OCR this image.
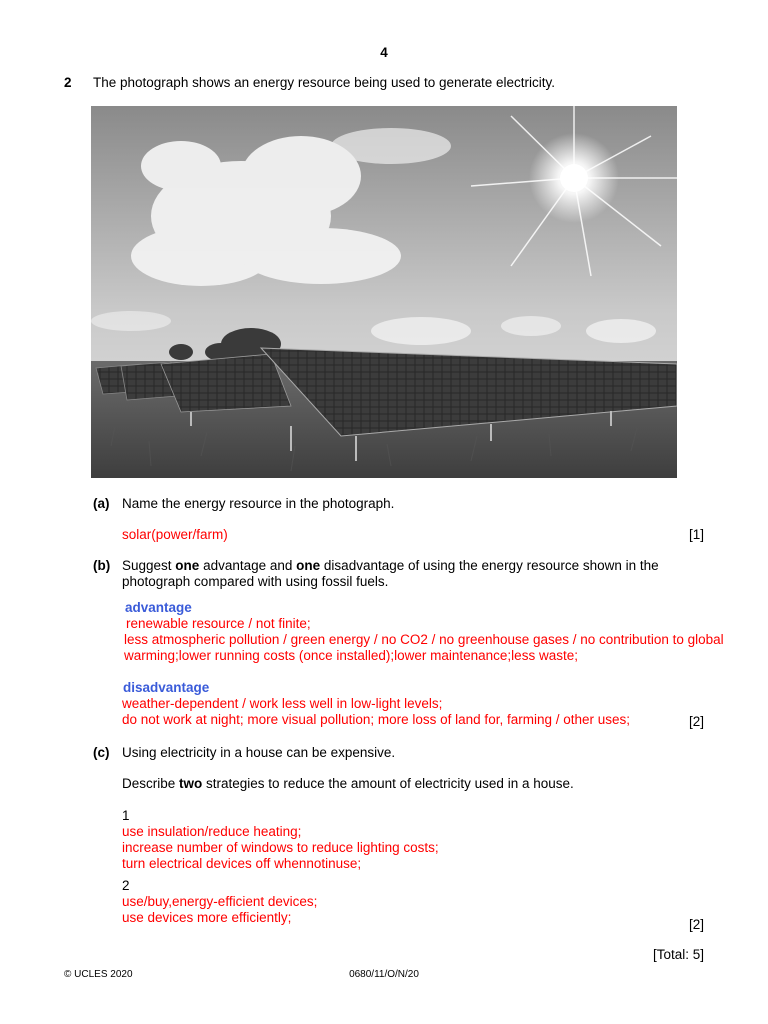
4
2 The photograph shows an energy resource being used to generate electricity.
(a) Name the energy resource in the photograph.
solar(power/farm)	[1]
(b) Suggest one advantage and one disadvantage of using the energy resource shown in the
photograph compared with using fossil fuels.
advantage
renewable resource / not finite;
less atmospheric pollution / green energy / no CO2 / no greenhouse gases / no contribution to global
warming;lower running costs (once installed);lower maintenance;less waste;
disadvantage
weather-dependent / work less well in low-light levels;
do not work at night; more visual pollution; more loss of land for, farming / other uses;	[2]
(c) Using electricity in a house can be expensive.
Describe two strategies to reduce the amount of electricity used in a house.
1
use insulation/reduce heating;
increase number of windows to reduce lighting costs;
turn electrical devices off whennotinuse;
2
use/buy,energy-efficient devices;
use devices more efficiently;	[2]
[Total: 5]
© UCLES 2020	0680/11/O/N/20
